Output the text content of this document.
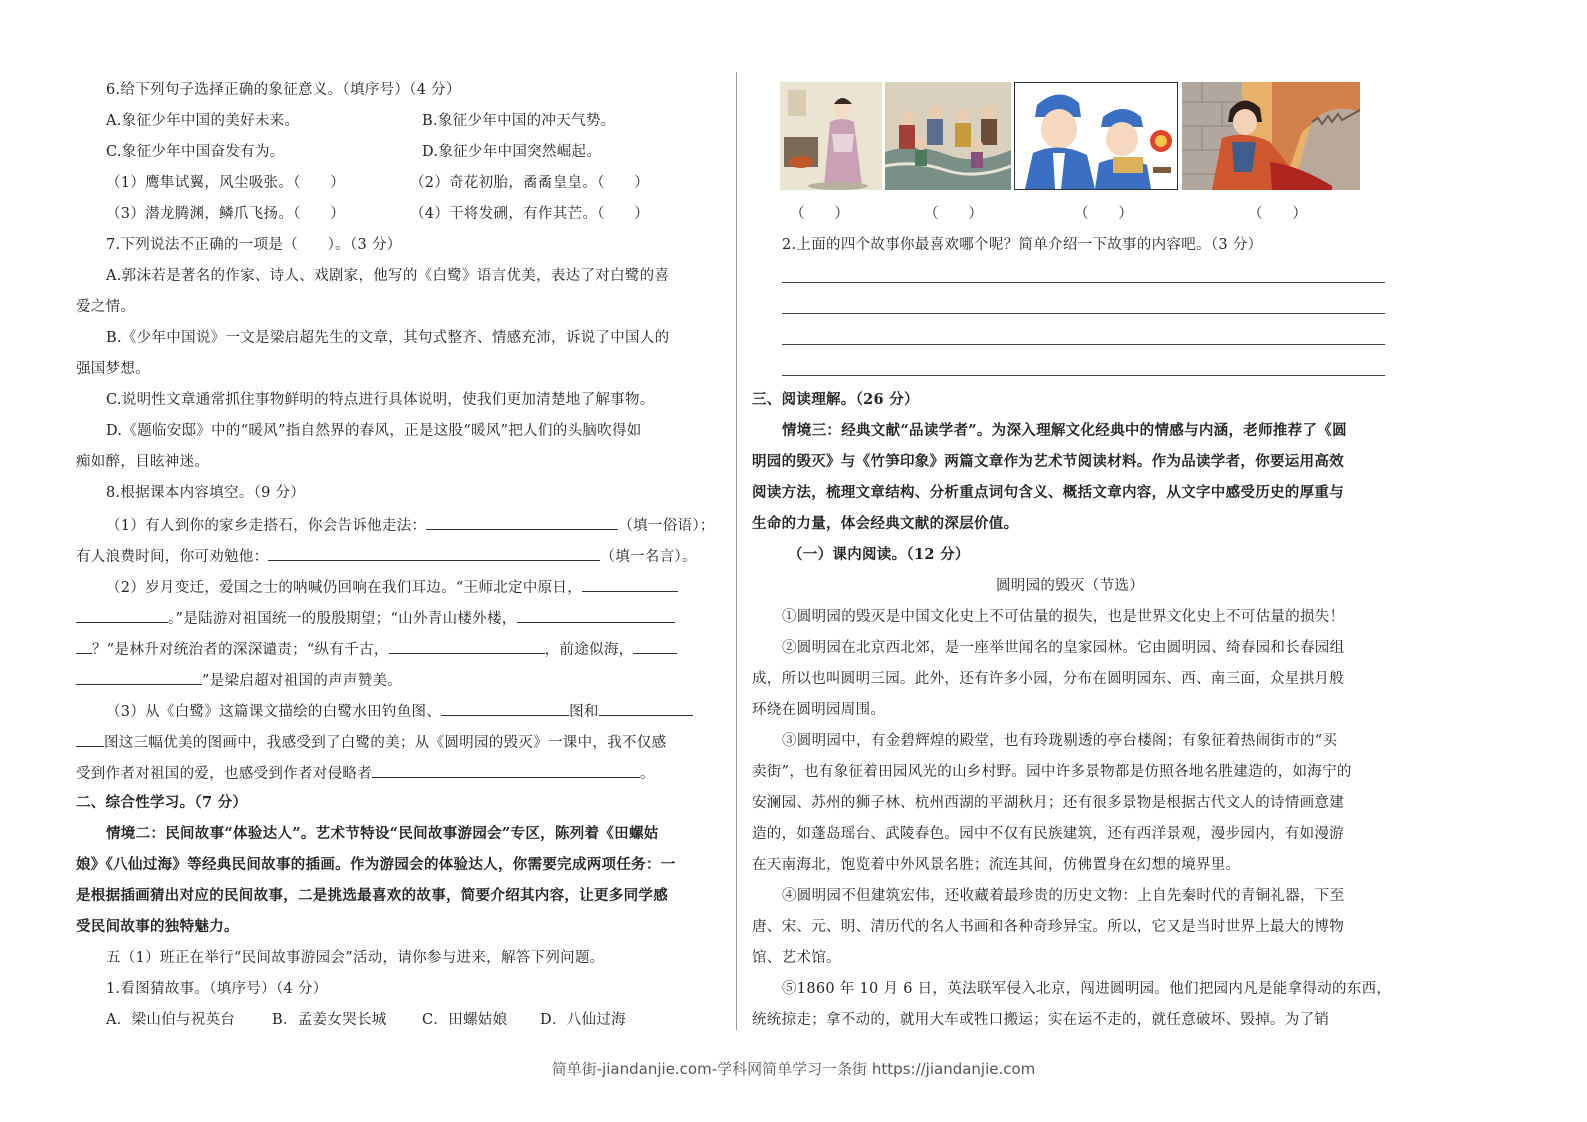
6.给下列句子选择正确的象征意义。（填序号）（4 分）
A.象征少年中国的美好未来。	B.象征少年中国的冲天气势。
C.象征少年中国奋发有为。	D.象征少年中国突然崛起。
（1）鹰隼试翼，风尘吸张。（　　）	（2）奇花初胎，矞矞皇皇。（　　）
（3）潜龙腾渊，鳞爪飞扬。（　　）	（4）干将发硎，有作其芒。（　　）
7.下列说法不正确的一项是（　　）。（3 分）
A.郭沫若是著名的作家、诗人、戏剧家，他写的《白鹭》语言优美，表达了对白鹭的喜
爱之情。
B.《少年中国说》一文是梁启超先生的文章，其句式整齐、情感充沛，诉说了中国人的
强国梦想。
C.说明性文章通常抓住事物鲜明的特点进行具体说明，使我们更加清楚地了解事物。
D.《题临安邸》中的“暖风”指自然界的春风，正是这股“暖风”把人们的头脑吹得如
痴如醉，目眩神迷。
8.根据课本内容填空。（9 分）
（1）有人到你的家乡走搭石，你会告诉他走法：	（填一俗语）；
有人浪费时间，你可劝勉他：	（填一名言）。
（2）岁月变迁，爱国之士的呐喊仍回响在我们耳边。“王师北定中原日，
。”是陆游对祖国统一的殷殷期望；“山外青山楼外楼，
？”是林升对统治者的深深谴责；“纵有千古，	，前途似海，
”是梁启超对祖国的声声赞美。
（3）从《白鹭》这篇课文描绘的白鹭水田钓鱼图、	图和
图这三幅优美的图画中，我感受到了白鹭的美；从《圆明园的毁灭》一课中，我不仅感
受到作者对祖国的爱，也感受到作者对侵略者	。
二、综合性学习。（7 分）
情境二：民间故事“体验达人”。艺术节特设“民间故事游园会”专区，陈列着《田螺姑
娘》《八仙过海》等经典民间故事的插画。作为游园会的体验达人，你需要完成两项任务：一
是根据插画猜出对应的民间故事，二是挑选最喜欢的故事，简要介绍其内容，让更多同学感
受民间故事的独特魅力。
五（1）班正在举行“民间故事游园会”活动，请你参与进来，解答下列问题。
1.看图猜故事。（填序号）（4 分）
A．梁山伯与祝英台	B．孟姜女哭长城 C．田螺姑娘 D．八仙过海
（　　）	（　　）	（　　）	（　　）
2.上面的四个故事你最喜欢哪个呢？简单介绍一下故事的内容吧。（3 分）
三、阅读理解。（26 分）
情境三：经典文献“品读学者”。为深入理解文化经典中的情感与内涵，老师推荐了《圆
明园的毁灭》与《竹笋印象》两篇文章作为艺术节阅读材料。作为品读学者，你要运用高效
阅读方法，梳理文章结构、分析重点词句含义、概括文章内容，从文字中感受历史的厚重与
生命的力量，体会经典文献的深层价值。
（一）课内阅读。（12 分）
圆明园的毁灭（节选）
①圆明园的毁灭是中国文化史上不可估量的损失，也是世界文化史上不可估量的损失！
②圆明园在北京西北郊，是一座举世闻名的皇家园林。它由圆明园、绮春园和长春园组
成，所以也叫圆明三园。此外，还有许多小园，分布在圆明园东、西、南三面，众星拱月般
环绕在圆明园周围。
③圆明园中，有金碧辉煌的殿堂，也有玲珑剔透的亭台楼阁；有象征着热闹街市的“买
卖街”，也有象征着田园风光的山乡村野。园中许多景物都是仿照各地名胜建造的，如海宁的
安澜园、苏州的狮子林、杭州西湖的平湖秋月；还有很多景物是根据古代文人的诗情画意建
造的，如蓬岛瑶台、武陵春色。园中不仅有民族建筑，还有西洋景观，漫步园内，有如漫游
在天南海北，饱览着中外风景名胜；流连其间，仿佛置身在幻想的境界里。
④圆明园不但建筑宏伟，还收藏着最珍贵的历史文物：上自先秦时代的青铜礼器，下至
唐、宋、元、明、清历代的名人书画和各种奇珍异宝。所以，它又是当时世界上最大的博物
馆、艺术馆。
⑤1860 年 10 月 6 日，英法联军侵入北京，闯进圆明园。他们把园内凡是能拿得动的东西，
统统掠走；拿不动的，就用大车或牲口搬运；实在运不走的，就任意破坏、毁掉。为了销
简单街-jiandanjie.com-学科网简单学习一条街 https://jiandanjie.com
